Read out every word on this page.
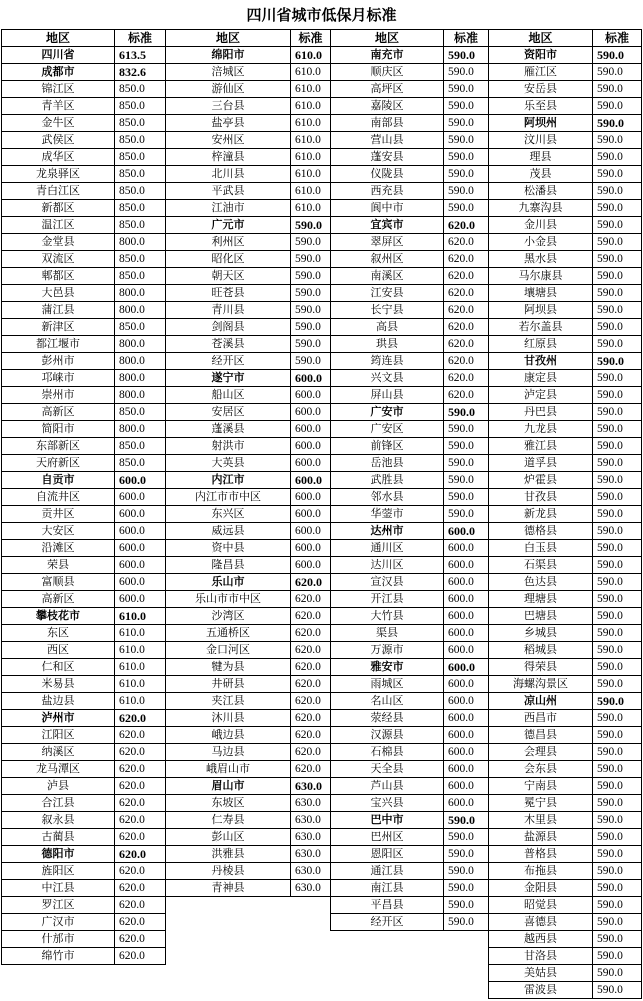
四川省城市低保月标准
地区	标准
四川省	613.5
成都市	832.6
锦江区	850.0
青羊区	850.0
金牛区	850.0
武侯区	850.0
成华区	850.0
龙泉驿区	850.0
青白江区	850.0
新都区	850.0
温江区	850.0
金堂县	800.0
双流区	850.0
郫都区	850.0
大邑县	800.0
蒲江县	800.0
新津区	850.0
都江堰市	800.0
彭州市	800.0
邛崃市	800.0
崇州市	800.0
高新区	850.0
简阳市	800.0
东部新区	850.0
天府新区	850.0
自贡市	600.0
自流井区	600.0
贡井区	600.0
大安区	600.0
沿滩区	600.0
荣县	600.0
富顺县	600.0
高新区	600.0
攀枝花市	610.0
东区	610.0
西区	610.0
仁和区	610.0
米易县	610.0
盐边县	610.0
泸州市	620.0
江阳区	620.0
纳溪区	620.0
龙马潭区	620.0
泸县	620.0
合江县	620.0
叙永县	620.0
古蔺县	620.0
德阳市	620.0
旌阳区	620.0
中江县	620.0
罗江区	620.0
广汉市	620.0
什邡市	620.0
绵竹市	620.0
地区	标准
绵阳市	610.0
涪城区	610.0
游仙区	610.0
三台县	610.0
盐亭县	610.0
安州区	610.0
梓潼县	610.0
北川县	610.0
平武县	610.0
江油市	610.0
广元市	590.0
利州区	590.0
昭化区	590.0
朝天区	590.0
旺苍县	590.0
青川县	590.0
剑阁县	590.0
苍溪县	590.0
经开区	590.0
遂宁市	600.0
船山区	600.0
安居区	600.0
蓬溪县	600.0
射洪市	600.0
大英县	600.0
内江市	600.0
内江市市中区	600.0
东兴区	600.0
威远县	600.0
资中县	600.0
隆昌县	600.0
乐山市	620.0
乐山市市中区	620.0
沙湾区	620.0
五通桥区	620.0
金口河区	620.0
犍为县	620.0
井研县	620.0
夹江县	620.0
沐川县	620.0
峨边县	620.0
马边县	620.0
峨眉山市	620.0
眉山市	630.0
东坡区	630.0
仁寿县	630.0
彭山区	630.0
洪雅县	630.0
丹棱县	630.0
青神县	630.0
地区	标准
南充市	590.0
顺庆区	590.0
高坪区	590.0
嘉陵区	590.0
南部县	590.0
营山县	590.0
蓬安县	590.0
仪陇县	590.0
西充县	590.0
阆中市	590.0
宜宾市	620.0
翠屏区	620.0
叙州区	620.0
南溪区	620.0
江安县	620.0
长宁县	620.0
高县	620.0
珙县	620.0
筠连县	620.0
兴文县	620.0
屏山县	620.0
广安市	590.0
广安区	590.0
前锋区	590.0
岳池县	590.0
武胜县	590.0
邻水县	590.0
华蓥市	590.0
达州市	600.0
通川区	600.0
达川区	600.0
宣汉县	600.0
开江县	600.0
大竹县	600.0
渠县	600.0
万源市	600.0
雅安市	600.0
雨城区	600.0
名山区	600.0
荥经县	600.0
汉源县	600.0
石棉县	600.0
天全县	600.0
芦山县	600.0
宝兴县	600.0
巴中市	590.0
巴州区	590.0
恩阳区	590.0
通江县	590.0
南江县	590.0
平昌县	590.0
经开区	590.0
地区	标准
资阳市	590.0
雁江区	590.0
安岳县	590.0
乐至县	590.0
阿坝州	590.0
汶川县	590.0
理县	590.0
茂县	590.0
松潘县	590.0
九寨沟县	590.0
金川县	590.0
小金县	590.0
黑水县	590.0
马尔康县	590.0
壤塘县	590.0
阿坝县	590.0
若尔盖县	590.0
红原县	590.0
甘孜州	590.0
康定县	590.0
泸定县	590.0
丹巴县	590.0
九龙县	590.0
雅江县	590.0
道孚县	590.0
炉霍县	590.0
甘孜县	590.0
新龙县	590.0
德格县	590.0
白玉县	590.0
石渠县	590.0
色达县	590.0
理塘县	590.0
巴塘县	590.0
乡城县	590.0
稻城县	590.0
得荣县	590.0
海螺沟景区	590.0
凉山州	590.0
西昌市	590.0
德昌县	590.0
会理县	590.0
会东县	590.0
宁南县	590.0
冕宁县	590.0
木里县	590.0
盐源县	590.0
普格县	590.0
布拖县	590.0
金阳县	590.0
昭觉县	590.0
喜德县	590.0
越西县	590.0
甘洛县	590.0
美姑县	590.0
雷波县	590.0
